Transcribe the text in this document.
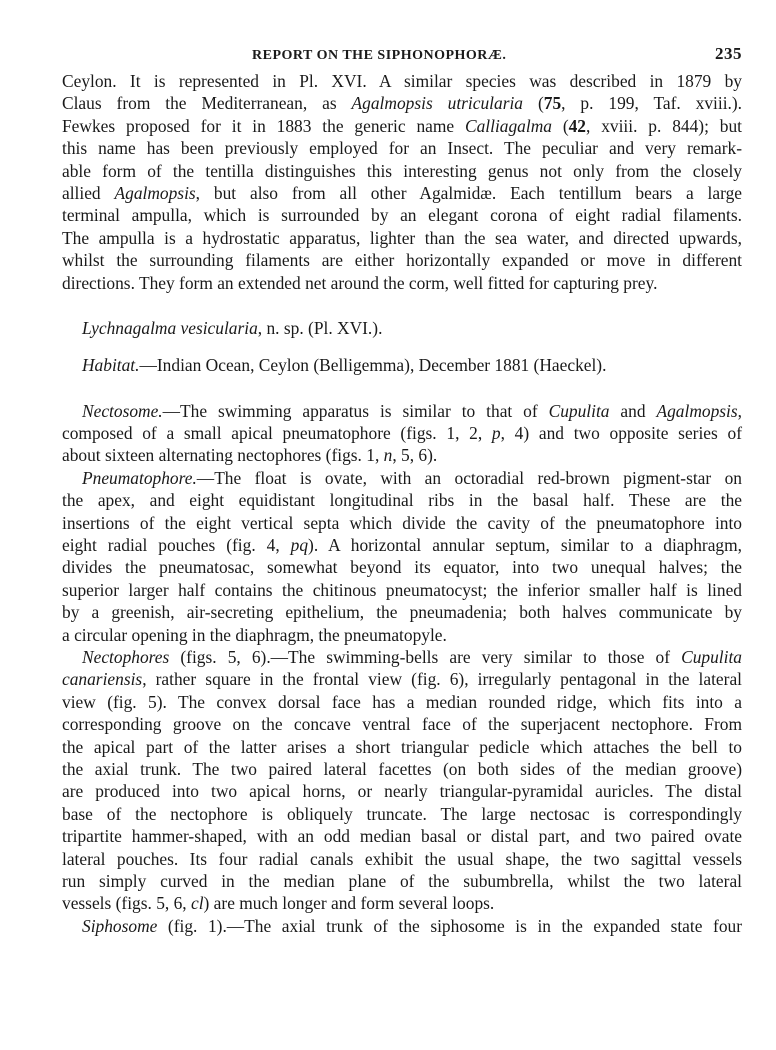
REPORT ON THE SIPHONOPHORÆ.	235
Ceylon. It is represented in Pl. XVI. A similar species was described in 1879 by
Claus from the Mediterranean, as Agalmopsis utricularia (75, p. 199, Taf. xviii.).
Fewkes proposed for it in 1883 the generic name Calliagalma (42, xviii. p. 844); but
this name has been previously employed for an Insect. The peculiar and very remark-
able form of the tentilla distinguishes this interesting genus not only from the closely
allied Agalmopsis, but also from all other Agalmidæ. Each tentillum bears a large
terminal ampulla, which is surrounded by an elegant corona of eight radial filaments.
The ampulla is a hydrostatic apparatus, lighter than the sea water, and directed upwards,
whilst the surrounding filaments are either horizontally expanded or move in different
directions. They form an extended net around the corm, well fitted for capturing prey.
Lychnagalma vesicularia, n. sp. (Pl. XVI.).
Habitat.—Indian Ocean, Ceylon (Belligemma), December 1881 (Haeckel).
Nectosome.—The swimming apparatus is similar to that of Cupulita and Agalmopsis,
composed of a small apical pneumatophore (figs. 1, 2, p, 4) and two opposite series of
about sixteen alternating nectophores (figs. 1, n, 5, 6).
Pneumatophore.—The float is ovate, with an octoradial red-brown pigment-star on
the apex, and eight equidistant longitudinal ribs in the basal half. These are the
insertions of the eight vertical septa which divide the cavity of the pneumatophore into
eight radial pouches (fig. 4, pq). A horizontal annular septum, similar to a diaphragm,
divides the pneumatosac, somewhat beyond its equator, into two unequal halves; the
superior larger half contains the chitinous pneumatocyst; the inferior smaller half is lined
by a greenish, air-secreting epithelium, the pneumadenia; both halves communicate by
a circular opening in the diaphragm, the pneumatopyle.
Nectophores (figs. 5, 6).—The swimming-bells are very similar to those of Cupulita
canariensis, rather square in the frontal view (fig. 6), irregularly pentagonal in the lateral
view (fig. 5). The convex dorsal face has a median rounded ridge, which fits into a
corresponding groove on the concave ventral face of the superjacent nectophore. From
the apical part of the latter arises a short triangular pedicle which attaches the bell to
the axial trunk. The two paired lateral facettes (on both sides of the median groove)
are produced into two apical horns, or nearly triangular-pyramidal auricles. The distal
base of the nectophore is obliquely truncate. The large nectosac is correspondingly
tripartite hammer-shaped, with an odd median basal or distal part, and two paired ovate
lateral pouches. Its four radial canals exhibit the usual shape, the two sagittal vessels
run simply curved in the median plane of the subumbrella, whilst the two lateral
vessels (figs. 5, 6, cl) are much longer and form several loops.
Siphosome (fig. 1).—The axial trunk of the siphosome is in the expanded state four
